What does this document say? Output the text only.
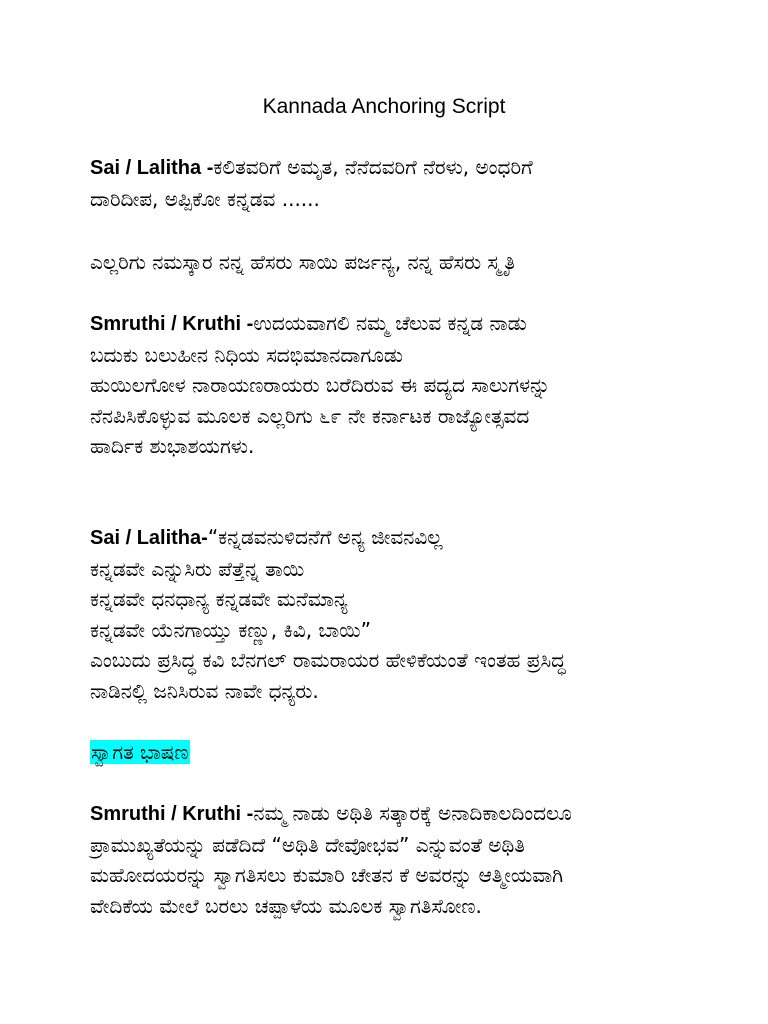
Kannada Anchoring Script
Sai / Lalitha -ಕಲಿತವರಿಗೆ ಅಮೃತ, ನೆನೆದವರಿಗೆ ನೆರಳು, ಅಂಧರಿಗೆ
ದಾರಿದೀಪ, ಅಪ್ಪಿಕೋ ಕನ್ನಡವ ......
ಎಲ್ಲರಿಗು ನಮಸ್ಕಾರ ನನ್ನ ಹೆಸರು ಸಾಯಿ ಪರ್ಜನ್ಯ, ನನ್ನ ಹೆಸರು ಸ್ಮೃತಿ
Smruthi / Kruthi -ಉದಯವಾಗಲಿ ನಮ್ಮ ಚೆಲುವ ಕನ್ನಡ ನಾಡು
ಬದುಕು ಬಲುಹೀನ ನಿಧಿಯ ಸದಭಿಮಾನದಾಗೂಡು
ಹುಯಿಲಗೋಳ ನಾರಾಯಣರಾಯರು ಬರೆದಿರುವ ಈ ಪದ್ಯದ ಸಾಲುಗಳನ್ನು
ನೆನಪಿಸಿಕೊಳ್ಳುವ ಮೂಲಕ ಎಲ್ಲರಿಗು ೬೯ ನೇ ಕರ್ನಾಟಕ ರಾಜ್ಯೋತ್ಸವದ
ಹಾರ್ದಿಕ ಶುಭಾಶಯಗಳು.
Sai / Lalitha-“ಕನ್ನಡವನುಳಿದನೆಗೆ ಅನ್ಯ ಜೀವನವಿಲ್ಲ
ಕನ್ನಡವೇ ಎನ್ನುಸಿರು ಪೆತ್ತೆನ್ನ ತಾಯಿ
ಕನ್ನಡವೇ ಧನಧಾನ್ಯ ಕನ್ನಡವೇ ಮನೆಮಾನ್ಯ
ಕನ್ನಡವೇ ಯೆನಗಾಯ್ತು ಕಣ್ಣು, ಕಿವಿ, ಬಾಯಿ”
ಎಂಬುದು ಪ್ರಸಿದ್ಧ ಕವಿ ಬೆನಗಲ್ ರಾಮರಾಯರ ಹೇಳಿಕೆಯಂತೆ ಇಂತಹ ಪ್ರಸಿದ್ಧ
ನಾಡಿನಲ್ಲಿ ಜನಿಸಿರುವ ನಾವೇ ಧನ್ಯರು.
ಸ್ವಾಗತ ಭಾಷಣ
Smruthi / Kruthi -ನಮ್ಮ ನಾಡು ಅಥಿತಿ ಸತ್ಕಾರಕ್ಕೆ ಅನಾದಿಕಾಲದಿಂದಲೂ
ಪ್ರಾಮುಖ್ಯತೆಯನ್ನು ಪಡೆದಿದೆ “ಅಥಿತಿ ದೇವೋಭವ” ಎನ್ನುವಂತೆ ಅಥಿತಿ
ಮಹೋದಯರನ್ನು ಸ್ವಾಗತಿಸಲು ಕುಮಾರಿ ಚೇತನ ಕೆ ಅವರನ್ನು ಆತ್ಮೀಯವಾಗಿ
ವೇದಿಕೆಯ ಮೇಲೆ ಬರಲು ಚಪ್ಪಾಳೆಯ ಮೂಲಕ ಸ್ವಾಗತಿಸೋಣ.
